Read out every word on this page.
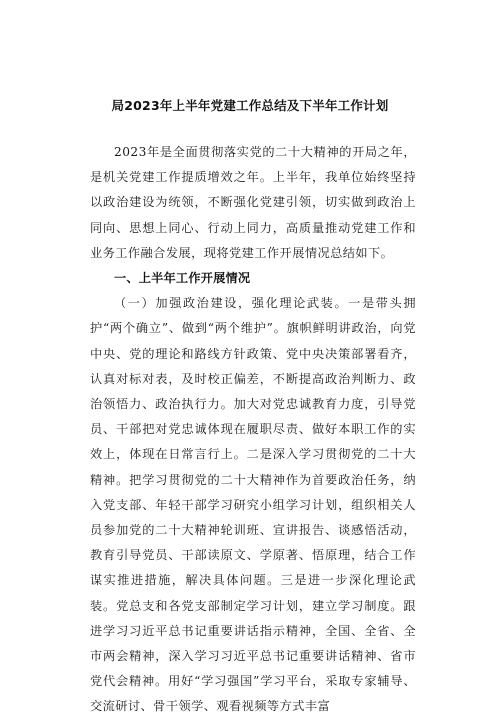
局2023年上半年党建工作总结及下半年工作计划

2023年是全面贯彻落实党的二十大精神的开局之年，是机关党建工作提质增效之年。上半年，我单位始终坚持以政治建设为统领，不断强化党建引领，切实做到政治上同向、思想上同心、行动上同力，高质量推动党建工作和业务工作融合发展，现将党建工作开展情况总结如下。

一、上半年工作开展情况

（一）加强政治建设，强化理论武装。一是带头拥护“两个确立”、做到“两个维护”。旗帜鲜明讲政治，向党中央、党的理论和路线方针政策、党中央决策部署看齐，认真对标对表，及时校正偏差，不断提高政治判断力、政治领悟力、政治执行力。加大对党忠诚教育力度，引导党员、干部把对党忠诚体现在履职尽责、做好本职工作的实效上，体现在日常言行上。二是深入学习贯彻党的二十大精神。把学习贯彻党的二十大精神作为首要政治任务，纳入党支部、年轻干部学习研究小组学习计划，组织相关人员参加党的二十大精神轮训班、宣讲报告、谈感悟活动，教育引导党员、干部读原文、学原著、悟原理，结合工作谋实推进措施，解决具体问题。三是进一步深化理论武装。党总支和各党支部制定学习计划，建立学习制度。跟进学习习近平总书记重要讲话指示精神，全国、全省、全市两会精神，深入学习习近平总书记重要讲话精神、省市党代会精神。用好“学习强国”学习平台，采取专家辅导、交流研讨、骨干领学、观看视频等方式丰富
